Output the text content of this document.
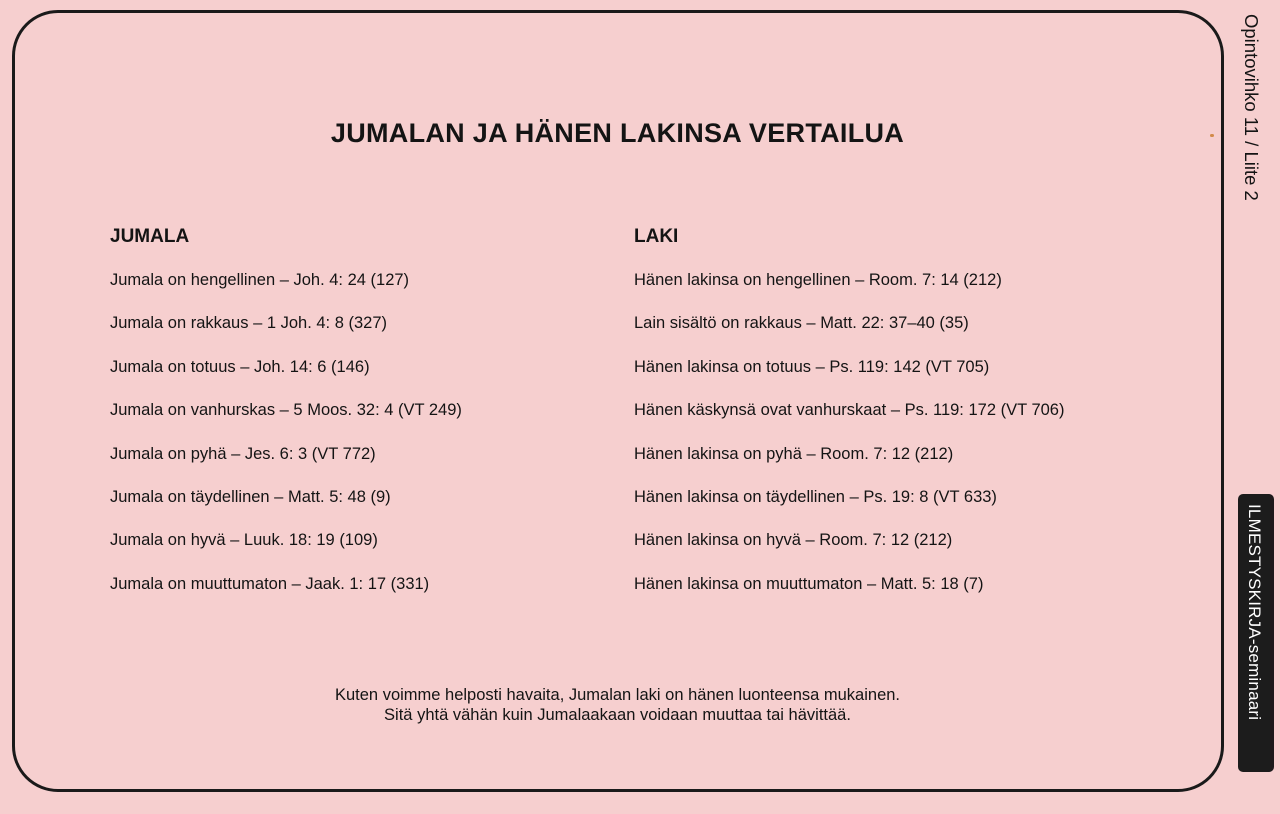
JUMALAN JA HÄNEN LAKINSA VERTAILUA
JUMALA
Jumala on hengellinen – Joh. 4: 24 (127)
Jumala on rakkaus – 1 Joh. 4: 8 (327)
Jumala on totuus – Joh. 14: 6 (146)
Jumala on vanhurskas – 5 Moos. 32: 4 (VT 249)
Jumala on pyhä – Jes. 6: 3 (VT 772)
Jumala on täydellinen – Matt. 5: 48 (9)
Jumala on hyvä – Luuk. 18: 19 (109)
Jumala on muuttumaton – Jaak. 1: 17 (331)
LAKI
Hänen lakinsa on hengellinen – Room. 7: 14 (212)
Lain sisältö on rakkaus – Matt. 22: 37–40 (35)
Hänen lakinsa on totuus – Ps. 119: 142 (VT 705)
Hänen käskynsä ovat vanhurskaat – Ps. 119: 172 (VT 706)
Hänen lakinsa on pyhä – Room. 7: 12 (212)
Hänen lakinsa on täydellinen – Ps. 19: 8 (VT 633)
Hänen lakinsa on hyvä – Room. 7: 12 (212)
Hänen lakinsa on muuttumaton – Matt. 5: 18 (7)
Kuten voimme helposti havaita, Jumalan laki on hänen luonteensa mukainen.
Sitä yhtä vähän kuin Jumalaakaan voidaan muuttaa tai hävittää.
Opintovihko 11 / Liite 2
ILMESTYSKIRJA-seminaari
